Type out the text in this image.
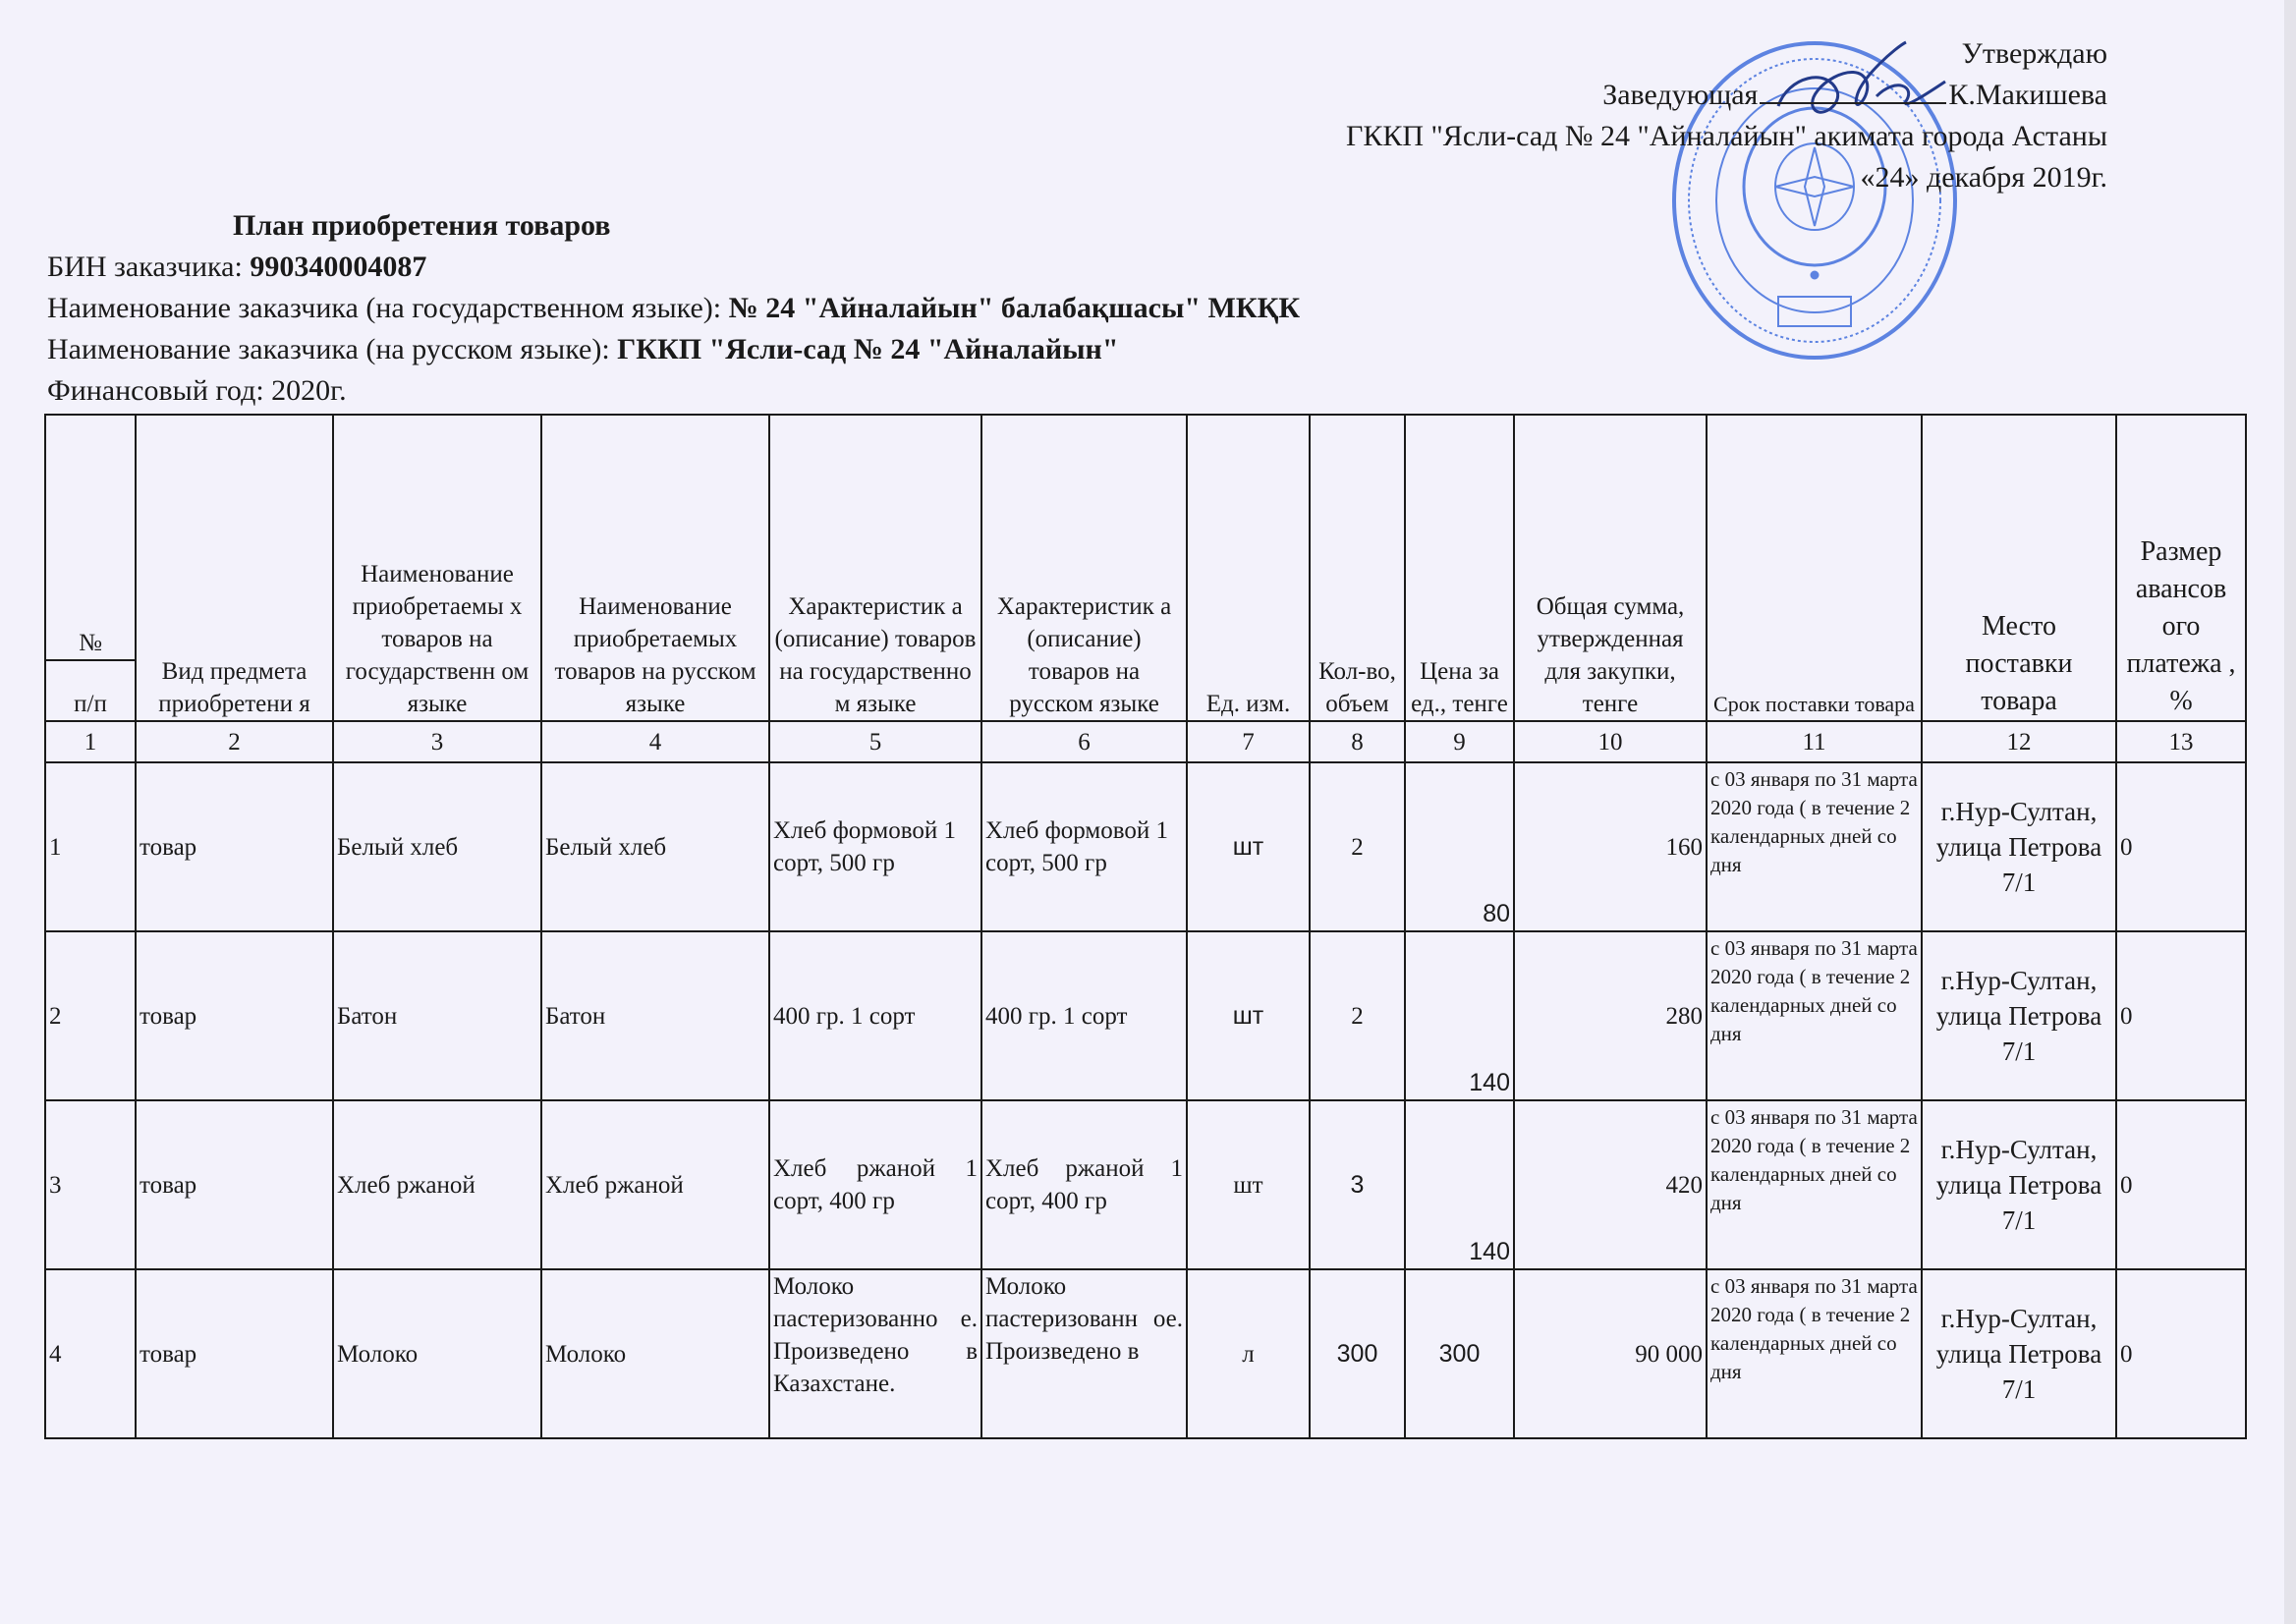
Утверждаю
Заведующая	К.Макишева
ГККП "Ясли-сад № 24 "Айналайын" акимата города Астаны
«24» декабря 2019г.
План приобретения товаров
БИН заказчика: 990340004087
Наименование заказчика (на государственном языке): № 24 "Айналайын" балабақшасы" МКҚК
Наименование заказчика (на русском языке): ГККП "Ясли-сад № 24 "Айналайын"
Финансовый год: 2020г.
№	Вид предмета приобретени я	Наименование приобретаемы х товаров на государственн ом языке	Наименование приобретаемых товаров на русском языке	Характеристик а (описание) товаров на государственно м языке	Характеристик а (описание) товаров на русском языке	Ед. изм.	Кол-во, объем	Цена за ед., тенге	Общая сумма, утвержденная для закупки, тенге	Срок поставки товара	Место поставки товара	Размер авансов ого платежа , %
п/п												
1	2	3	4	5	6	7	8	9	10	11	12	13
1	товар	Белый хлеб	Белый хлеб	Хлеб формовой 1 сорт, 500 гр	Хлеб формовой 1 сорт, 500 гр	шт	2	80	160	с 03 января по 31 марта 2020 года ( в течение 2 календарных дней со дня	г.Нур-Султан, улица Петрова 7/1	0
2	товар	Батон	Батон	400 гр. 1 сорт	400 гр. 1 сорт	шт	2	140	280	с 03 января по 31 марта 2020 года ( в течение 2 календарных дней со дня	г.Нур-Султан, улица Петрова 7/1	0
3	товар	Хлеб ржаной	Хлеб ржаной	Хлеб ржаной 1 сорт, 400 гр	Хлеб ржаной 1 сорт, 400 гр	шт	3	140	420	с 03 января по 31 марта 2020 года ( в течение 2 календарных дней со дня	г.Нур-Султан, улица Петрова 7/1	0
4	товар	Молоко	Молоко	Молоко пастеризованно е. Произведено в Казахстане.	Молоко пастеризованн ое. Произведено в	л	300	300	90 000	с 03 января по 31 марта 2020 года ( в течение 2 календарных дней со дня	г.Нур-Султан, улица Петрова 7/1	0
